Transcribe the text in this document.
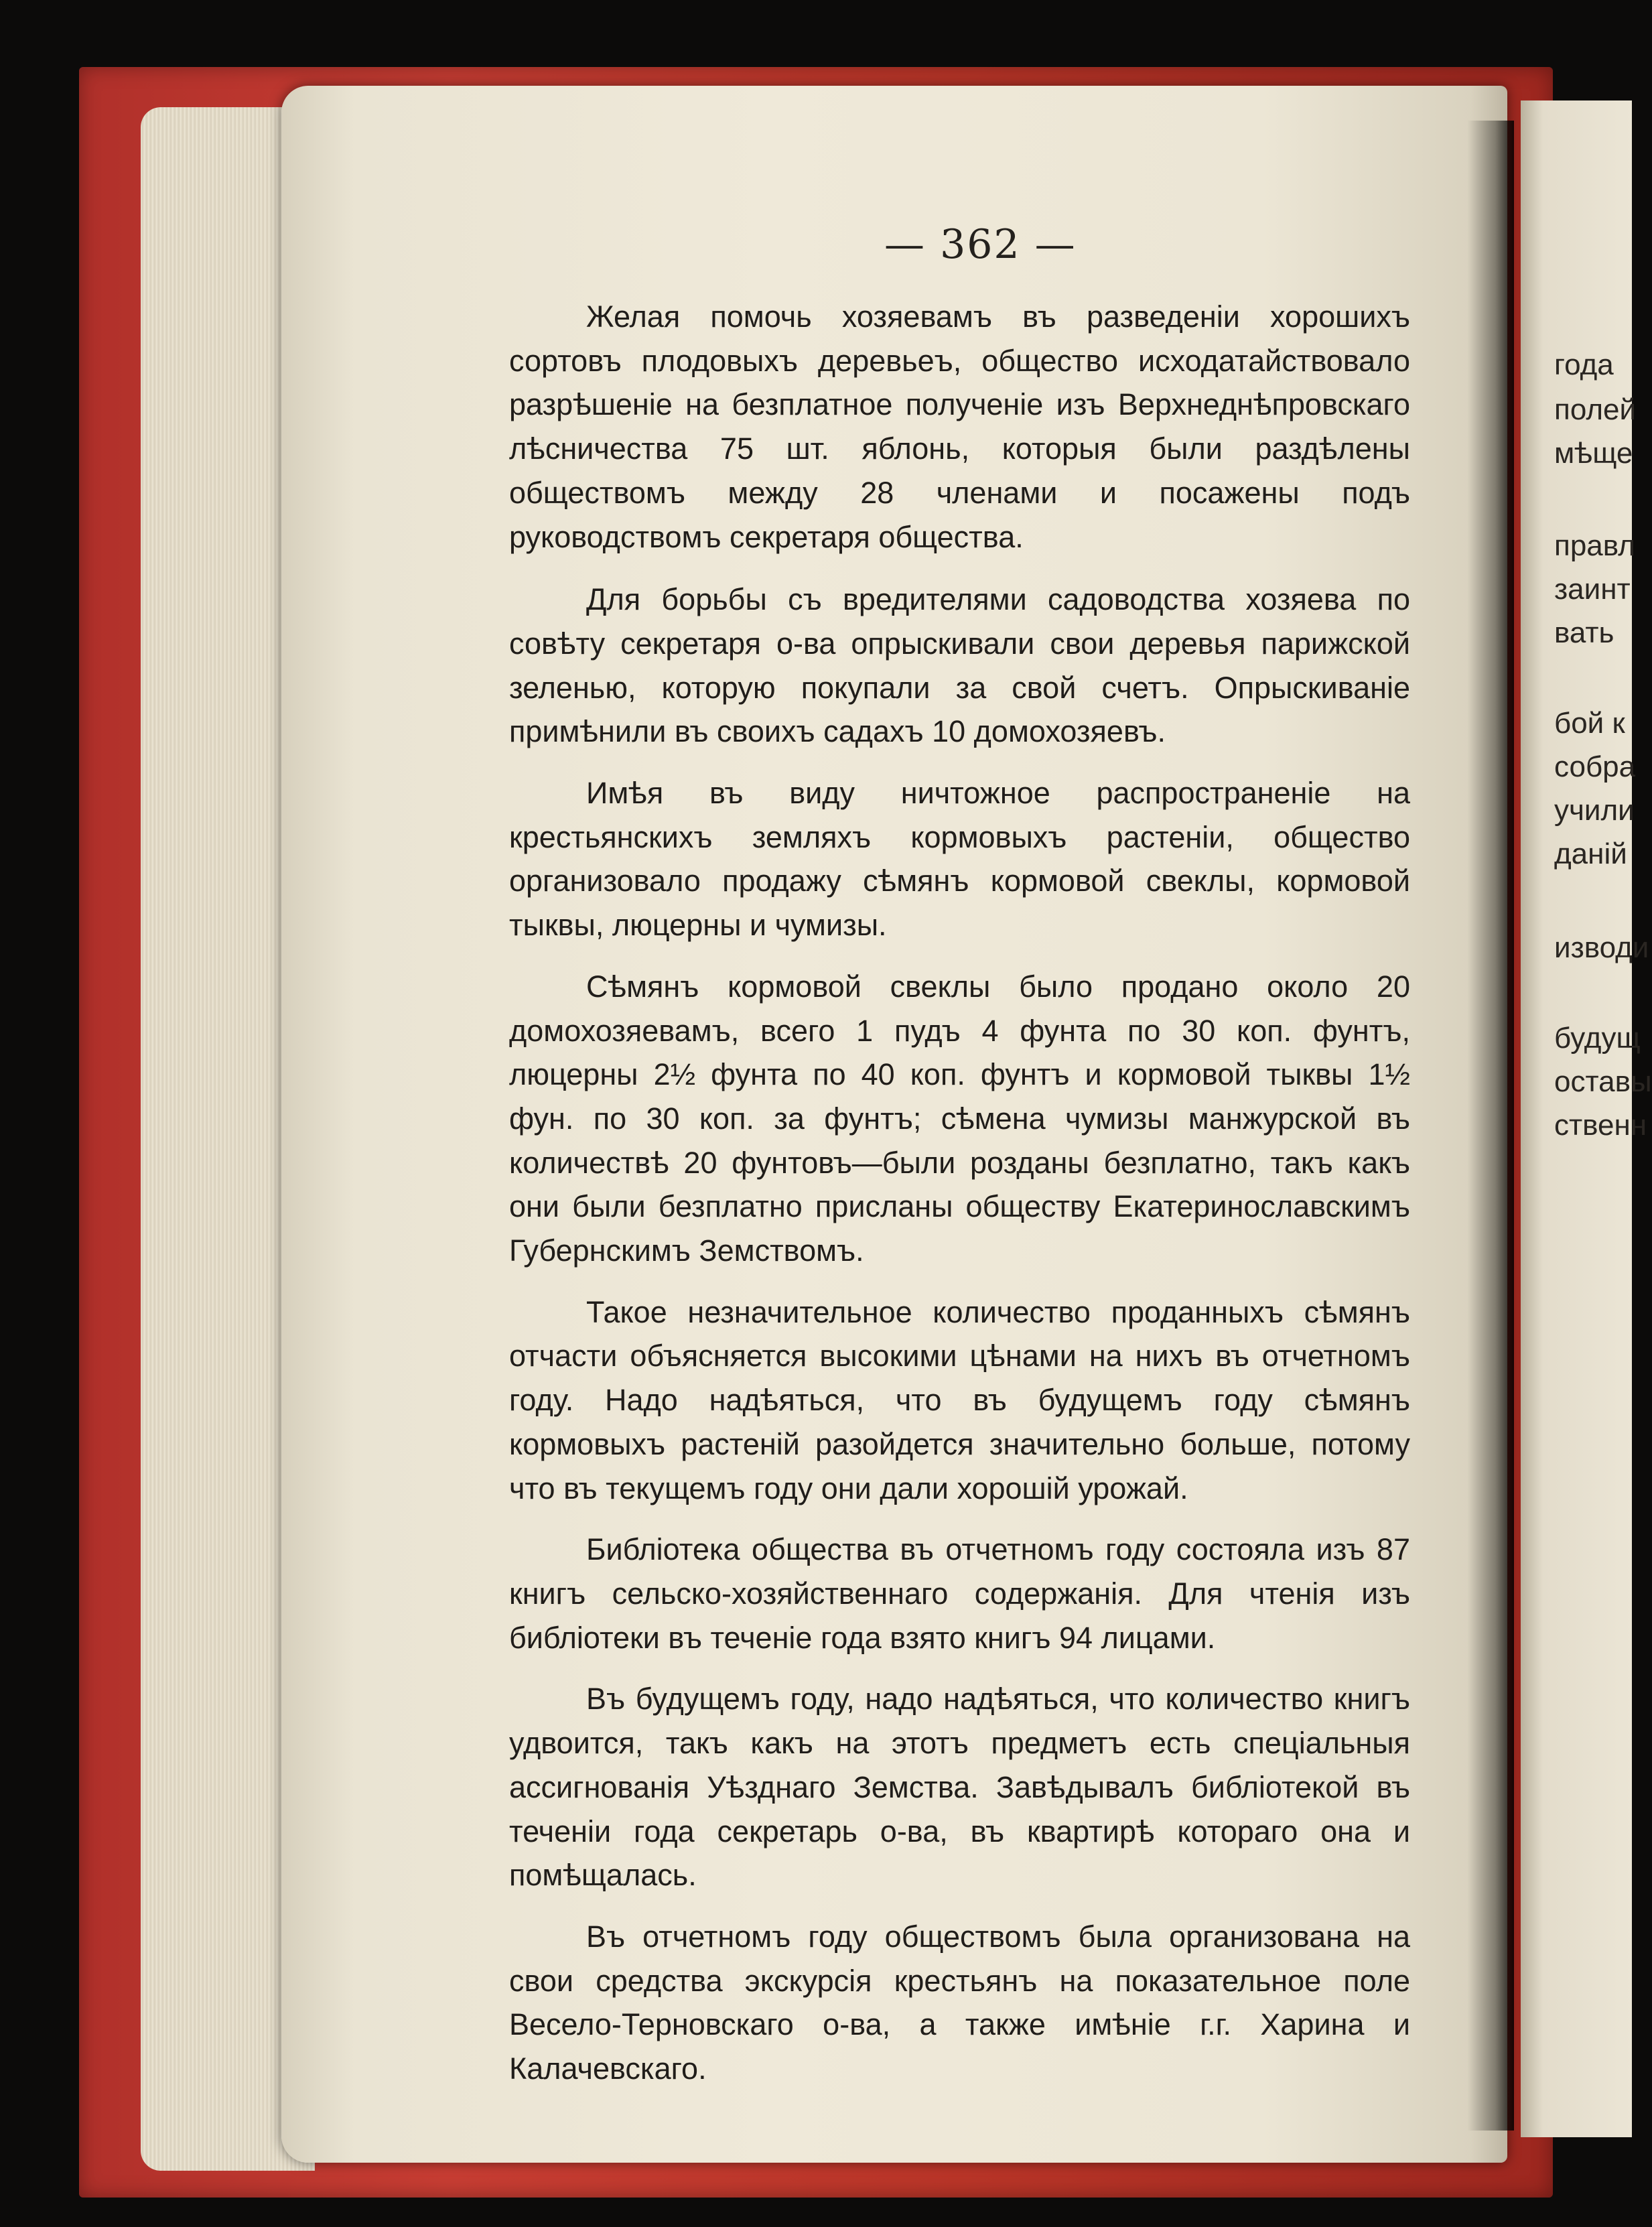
— 362 —

Желая помочь хозяевамъ въ разведенiи хорошихъ сортовъ плодовыхъ деревьеъ, общество исходатайствовало разрѣшенiе на безплатное полученiе изъ Верхнеднѣпровскаго лѣсничества 75 шт. яблонь, которыя были раздѣлены обществомъ между 28 членами и посажены подъ руководствомъ секретаря общества.

Для борьбы съ вредителями садоводства хозяева по совѣту секретаря о-ва опрыскивали свои деревья парижской зеленью, которую покупали за свой счетъ. Опрыскиванiе примѣнили въ своихъ садахъ 10 домохозяевъ.

Имѣя въ виду ничтожное распространенiе на крестьянскихъ земляхъ кормовыхъ растенiи, общество организовало продажу сѣмянъ кормовой свеклы, кормовой тыквы, люцерны и чумизы.

Сѣмянъ кормовой свеклы было продано около 20 домохозяевамъ, всего 1 пудъ 4 фунта по 30 коп. фунтъ, люцерны 2½ фунта по 40 коп. фунтъ и кормовой тыквы 1½ фун. по 30 коп. за фунтъ; сѣмена чумизы манжурской въ количествѣ 20 фунтовъ—были розданы безплатно, такъ какъ они были безплатно присланы обществу Екатеринославскимъ Губернскимъ Земствомъ.

Такое незначительное количество проданныхъ сѣмянъ отчасти объясняется высокими цѣнами на нихъ въ отчетномъ году. Надо надѣяться, что въ будущемъ году сѣмянъ кормовыхъ растенiй разойдется значительно больше, потому что въ текущемъ году они дали хорошiй урожай.

Библiотека общества въ отчетномъ году состояла изъ 87 книгъ сельско-хозяйственнаго содержанiя. Для чтенiя изъ библiотеки въ теченiе года взято книгъ 94 лицами.

Въ будущемъ году, надо надѣяться, что количество книгъ удвоится, такъ какъ на этотъ предметъ есть спецiальныя ассигнованiя Уѣзднаго Земства. Завѣдывалъ библiотекой въ теченiи года секретарь о-ва, въ квартирѣ котораго она и помѣщалась.

Въ отчетномъ году обществомъ была организована на свои средства экскурсiя крестьянъ на показательное поле Весело-Терновскаго о-ва, а также имѣнiе г.г. Харина и Калачевскаго.

года
полей
мѣще
правл
заинт
вать
бой к
собра
учили
данiй
изводи
будущ
оставы
ственн
